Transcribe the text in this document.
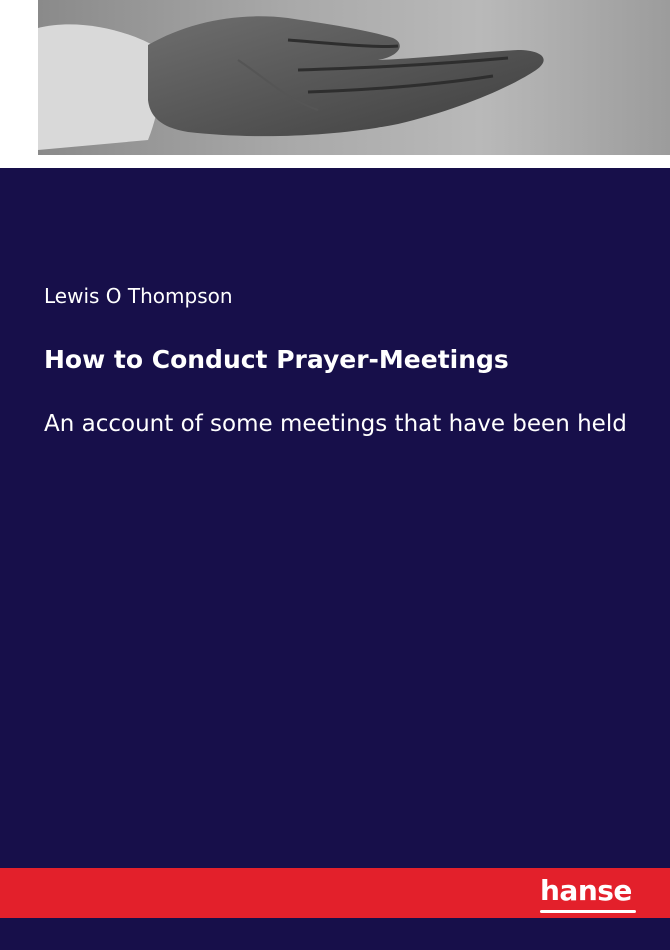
Lewis O Thompson
How to Conduct Prayer-Meetings
An account of some meetings that have been held
hanse
